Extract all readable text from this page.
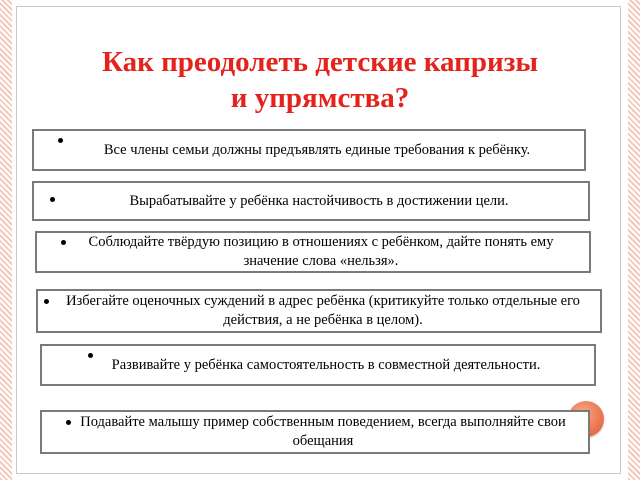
Как преодолеть детские капризы
и упрямства?
Все члены семьи должны предъявлять единые требования к ребёнку.
Вырабатывайте у ребёнка настойчивость в достижении цели.
Соблюдайте твёрдую позицию в отношениях с ребёнком, дайте понять ему значение слова «нельзя».
Избегайте оценочных суждений в адрес ребёнка (критикуйте только отдельные его действия, а не ребёнка в целом).
Развивайте у ребёнка самостоятельность в совместной деятельности.
Подавайте малышу пример собственным поведением, всегда выполняйте свои обещания
